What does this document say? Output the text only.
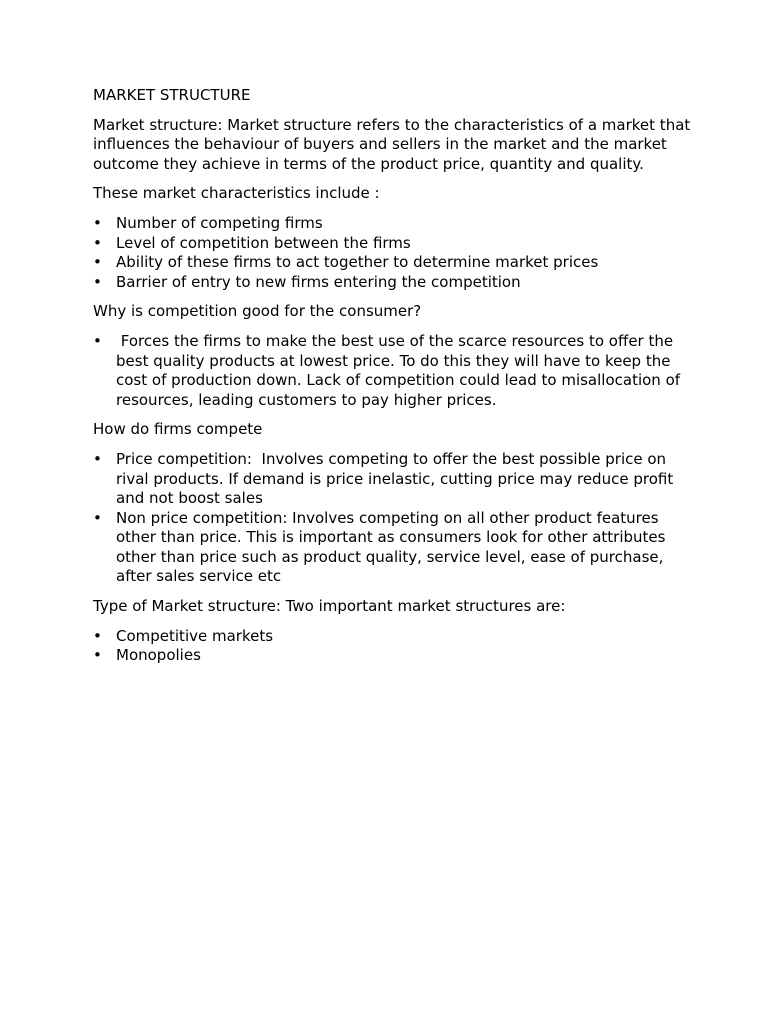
MARKET STRUCTURE

Market structure: Market structure refers to the characteristics of a market that influences the behaviour of buyers and sellers in the market and the market outcome they achieve in terms of the product price, quantity and quality.

These market characteristics include :

• Number of competing firms
• Level of competition between the firms
• Ability of these firms to act together to determine market prices
• Barrier of entry to new firms entering the competition

Why is competition good for the consumer?

• Forces the firms to make the best use of the scarce resources to offer the best quality products at lowest price. To do this they will have to keep the cost of production down. Lack of competition could lead to misallocation of resources, leading customers to pay higher prices.

How do firms compete

• Price competition:  Involves competing to offer the best possible price on rival products. If demand is price inelastic, cutting price may reduce profit and not boost sales
• Non price competition: Involves competing on all other product features other than price. This is important as consumers look for other attributes other than price such as product quality, service level, ease of purchase, after sales service etc

Type of Market structure: Two important market structures are:

• Competitive markets
• Monopolies
